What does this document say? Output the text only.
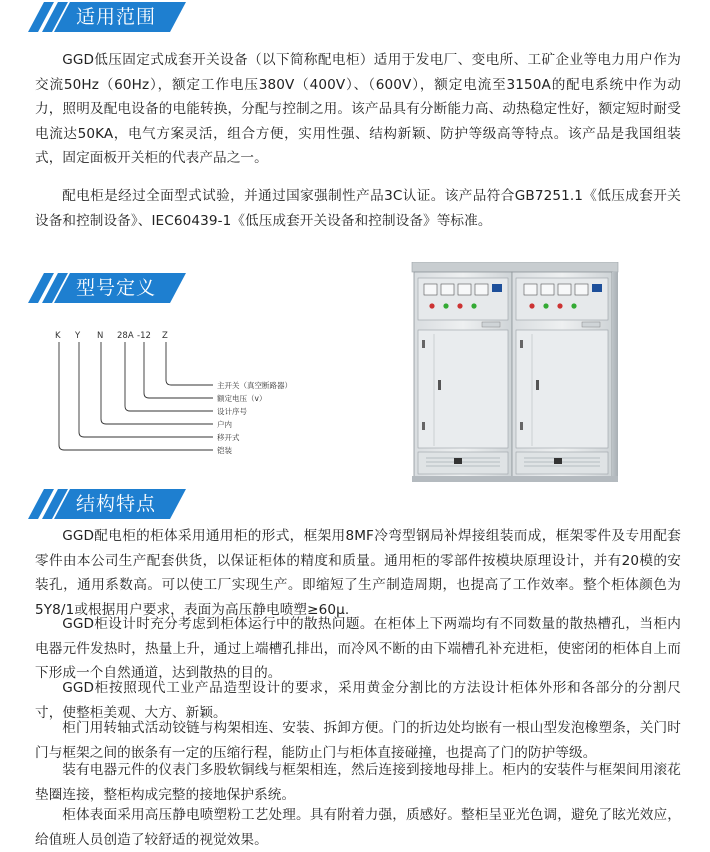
适用范围

GGD低压固定式成套开关设备（以下简称配电柜）适用于发电厂、变电所、工矿企业等电力用户作为交流50Hz（60Hz），额定工作电压380V（400V）、（600V），额定电流至3150A的配电系统中作为动力，照明及配电设备的电能转换，分配与控制之用。该产品具有分断能力高、动热稳定性好，额定短时耐受电流达50KA，电气方案灵活，组合方便，实用性强、结构新颖、防护等级高等特点。该产品是我国组装式，固定面板开关柜的代表产品之一。

配电柜是经过全面型式试验，并通过国家强制性产品3C认证。该产品符合GB7251.1《低压成套开关设备和控制设备》、IEC60439-1《低压成套开关设备和控制设备》等标准。

型号定义
K Y N 28A -12 Z
主开关（真空断路器）
额定电压（v）
设计序号
户内
移开式
铠装
结构特点

GGD配电柜的柜体采用通用柜的形式，框架用8MF冷弯型钢局补焊接组装而成，框架零件及专用配套零件由本公司生产配套供货，以保证柜体的精度和质量。通用柜的零部件按模块原理设计，并有20模的安装孔，通用系数高。可以使工厂实现生产。即缩短了生产制造周期，也提高了工作效率。整个柜体颜色为5Y8/1或根据用户要求，表面为高压静电喷塑≥60μ.

GGD柜设计时充分考虑到柜体运行中的散热问题。在柜体上下两端均有不同数量的散热槽孔，当柜内电器元件发热时，热量上升，通过上端槽孔排出，而冷风不断的由下端槽孔补充进柜，使密闭的柜体自上而下形成一个自然通道，达到散热的目的。

GGD柜按照现代工业产品造型设计的要求，采用黄金分割比的方法设计柜体外形和各部分的分割尺寸，使整柜美观、大方、新颖。

柜门用转轴式活动铰链与构架相连、安装、拆卸方便。门的折边处均嵌有一根山型发泡橡塑条，关门时门与框架之间的嵌条有一定的压缩行程，能防止门与柜体直接碰撞，也提高了门的防护等级。

装有电器元件的仪表门多股软铜线与框架相连，然后连接到接地母排上。柜内的安装件与框架间用滚花垫圈连接，整柜构成完整的接地保护系统。

柜体表面采用高压静电喷塑粉工艺处理。具有附着力强，质感好。整柜呈亚光色调，避免了眩光效应，给值班人员创造了较舒适的视觉效果。
